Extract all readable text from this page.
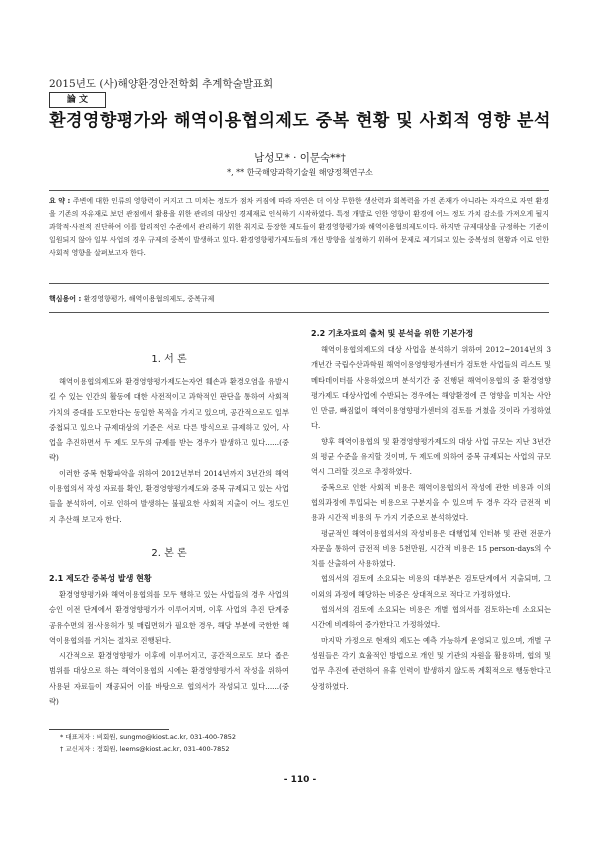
2015년도 (사)해양환경안전학회 추계학술발표회
論 文
환경영향평가와 해역이용협의제도 중복 현황 및 사회적 영향 분석
남성모* · 이문숙**†
*, ** 한국해양과학기술원 해양정책연구소
요 약 : 주변에 대한 인류의 영향력이 커지고 그 미치는 정도가 점차 커짐에 따라 자연은 더 이상 무한한 생산력과 회복력을 가진 존재가 아니라는 자각으로 자연 환경을 기존의 자유재로 보던 관점에서 활용을 위한 관리의 대상인 경제재로 인식하기 시작하였다. 특정 개발로 인한 영향이 환경에 어느 정도 가치 감소를 가져오게 될지 과학적·사전적 진단하여 이를 합리적인 수준에서 관리하기 위한 취지로 등장한 제도들이 환경영향평가와 해역이용협의제도이다. 하지만 규제대상을 규정하는 기준이 일원되지 않아 일부 사업의 경우 규제의 중복이 발생하고 있다. 환경영향평가제도들의 개선 방향을 설정하기 위하여 문제로 제기되고 있는 중복성의 현황과 이로 인한 사회적 영향을 살펴보고자 한다.
핵심용어 : 환경영향평가, 해역이용협의제도, 중복규제
1. 서 론

해역이용협의제도와 환경영향평가제도는자연 훼손과 환경오염을 유발시킬 수 있는 인간의 활동에 대한 사전적이고 과학적인 판단을 통하여 사회적 가치의 증대를 도모한다는 동일한 목적을 가지고 있으며, 공간적으로도 일부 중첩되고 있으나 규제대상의 기준은 서로 다른 방식으로 규제하고 있어, 사업을 추진하면서 두 제도 모두의 규제를 받는 경우가 발생하고 있다......(중략)

이러한 중복 현황파악을 위하여 2012년부터 2014년까지 3년간의 해역이용협의서 작성 자료를 확인, 환경영향평가제도와 중복 규제되고 있는 사업들을 분석하여, 이로 인하여 발생하는 불필요한 사회적 지출이 어느 정도인지 추산해 보고자 한다.

2. 본 론
2.1 제도간 중복성 발생 현황

환경영향평가와 해역이용협의를 모두 행하고 있는 사업들의 경우 사업의 승인 이전 단계에서 환경영향평가가 이루어지며, 이후 사업의 추진 단계중 공유수면의 점·사용허가 및 매립면허가 필요한 경우, 해당 부분에 국한한 해역이용협의를 거치는 절차로 진행된다.

시간적으로 환경영향평가 이후에 이루어지고, 공간적으로도 보다 좁은 범위를 대상으로 하는 해역이용협의 시에는 환경영향평가서 작성을 위하여 사용된 자료들이 재공되어 이를 바탕으로 협의서가 작성되고 있다......(중략)

2.2 기초자료의 출처 및 분석을 위한 기본가정

해역이용협의제도의 대상 사업을 분석하기 위하여 2012~2014년의 3개년간 국립수산과학원 해역이용영향평가센터가 검토한 사업들의 리스트 및 메타데이터를 사용하였으며 분석기간 중 진행된 해역이용협의 중 환경영향평가제도 대상사업에 수반되는 경우에는 해양환경에 큰 영향을 미치는 사안인 만큼, 빠짐없이 해역이용영향평가센터의 검토를 거쳤을 것이라 가정하였다.

향후 해역이용협의 및 환경영향평가제도의 대상 사업 규모는 지난 3년간의 평균 수준을 유지할 것이며, 두 제도에 의하여 중복 규제되는 사업의 규모 역시 그러할 것으로 추정하였다.

중복으로 인한 사회적 비용은 해역이용협의서 작성에 관한 비용과 이의 협의과정에 투입되는 비용으로 구분지을 수 있으며 두 경우 각각 금전적 비용과 시간적 비용의 두 가지 기준으로 분석하였다.

평균적인 해역이용협의서의 작성비용은 대행업체 인터뷰 및 관련 전문가 자문을 통하여 금전적 비용 5천만원, 시간적 비용은 15 person-days의 수치를 산출하여 사용하였다.

협의서의 검토에 소요되는 비용의 대부분은 검토단계에서 지출되며, 그 이외의 과정에 해당하는 비중은 상대적으로 적다고 가정하였다.

협의서의 검토에 소요되는 비용은 개별 협의서를 검토하는데 소요되는 시간에 비례하여 증가한다고 가정하였다.

마지막 가정으로 현재의 제도는 예측 가능하게 운영되고 있으며, 개별 구성원들은 각기 효율적인 방법으로 개인 및 기관의 자원을 활용하며, 협의 및 업무 추진에 관련하여 유휴 인력이 발생하지 않도록 계획적으로 행동한다고 상정하였다.

* 대표저자 : 비회원, sungmo@kiost.ac.kr, 031-400-7852
† 교신저자 : 정회원, leems@kiost.ac.kr, 031-400-7852
- 110 -
